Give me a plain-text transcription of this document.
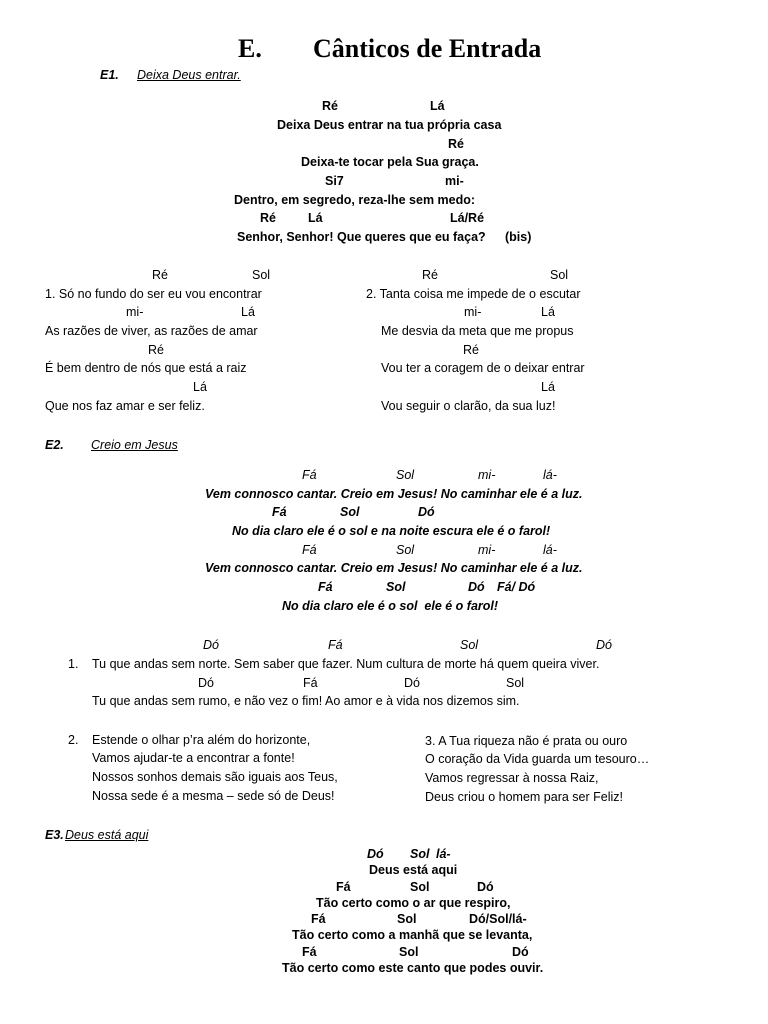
E. Cânticos de Entrada
E1. Deixa Deus entrar.
Ré	Lá
Deixa Deus entrar na tua própria casa
Ré
Deixa-te tocar pela Sua graça.
Si7	mi-
Dentro, em segredo, reza-lhe sem medo:
Ré	Lá	Lá/Ré
Senhor, Senhor! Que queres que eu faça? (bis)
Ré	Sol
1. Só no fundo do ser eu vou encontrar
mi-	Lá
As razões de viver, as razões de amar
Ré
É bem dentro de nós que está a raiz
Lá
Que nos faz amar e ser feliz.
Ré	Sol
2. Tanta coisa me impede de o escutar
mi-	Lá
Me desvia da meta que me propus
Ré
Vou ter a coragem de o deixar entrar
Lá
Vou seguir o clarão, da sua luz!
E2. Creio em Jesus
Fá	Sol	mi-	lá-
Vem connosco cantar. Creio em Jesus! No caminhar ele é a luz.
Fá	Sol	Dó
No dia claro ele é o sol e na noite escura ele é o farol!
Fá	Sol	mi-	lá-
Vem connosco cantar. Creio em Jesus! No caminhar ele é a luz.
Fá	Sol	Dó Fá/ Dó
No dia claro ele é o sol  ele é o farol!
Dó	Fá	Sol	Dó
1. Tu que andas sem norte. Sem saber que fazer. Num cultura de morte há quem queira viver.
Dó	Fá	Dó	Sol
Tu que andas sem rumo, e não vez o fim! Ao amor e à vida nos dizemos sim.
2. Estende o olhar p’ra além do horizonte,
Vamos ajudar-te a encontrar a fonte!
Nossos sonhos demais são iguais aos Teus,
Nossa sede é a mesma – sede só de Deus!
3. A Tua riqueza não é prata ou ouro
O coração da Vida guarda um tesouro…
Vamos regressar à nossa Raiz,
Deus criou o homem para ser Feliz!
E3. Deus está aqui
Dó Sol lá-
Deus está aqui
Fá	Sol	Dó
Tão certo como o ar que respiro,
Fá	Sol	Dó/Sol/lá-
Tão certo como a manhã que se levanta,
Fá	Sol	Dó
Tão certo como este canto que podes ouvir.
